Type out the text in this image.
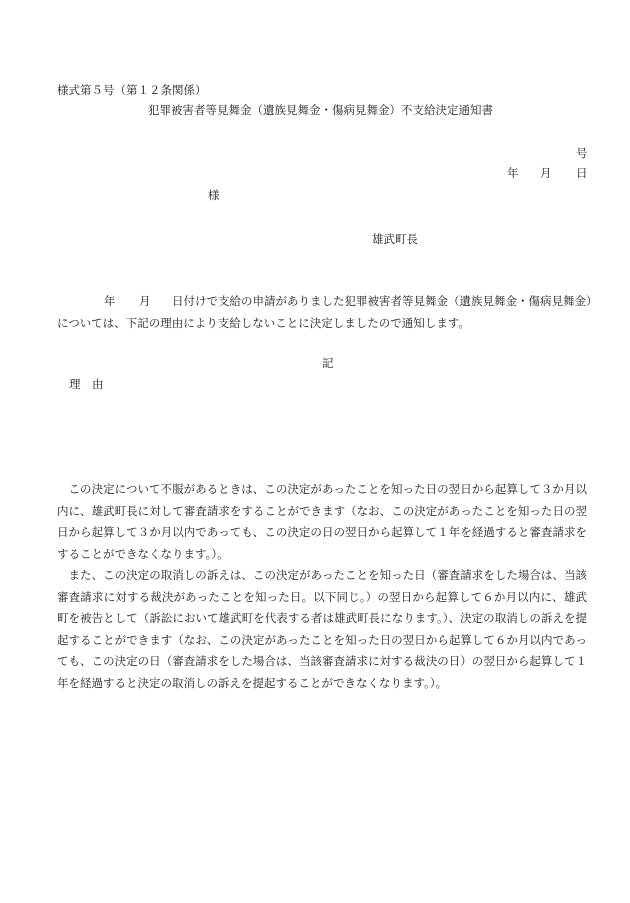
様式第５号（第１２条関係）
犯罪被害者等見舞金（遺族見舞金・傷病見舞金）不支給決定通知書
号
年 月 日
様
雄武町長
年 月 日付けで支給の申請がありました犯罪被害者等見舞金（遺族見舞金・傷病見舞金）
については、下記の理由により支給しないことに決定しましたので通知します。
記
理　由

　この決定について不服があるときは、この決定があったことを知った日の翌日から起算して３か月以内に、雄武町長に対して審査請求をすることができます（なお、この決定があったことを知った日の翌日から起算して３か月以内であっても、この決定の日の翌日から起算して１年を経過すると審査請求をすることができなくなります。）。

　また、この決定の取消しの訴えは、この決定があったことを知った日（審査請求をした場合は、当該審査請求に対する裁決があったことを知った日。以下同じ。）の翌日から起算して６か月以内に、雄武町を被告として（訴訟において雄武町を代表する者は雄武町長になります。）、決定の取消しの訴えを提起することができます（なお、この決定があったことを知った日の翌日から起算して６か月以内であっても、この決定の日（審査請求をした場合は、当該審査請求に対する裁決の日）の翌日から起算して１年を経過すると決定の取消しの訴えを提起することができなくなります。）。
